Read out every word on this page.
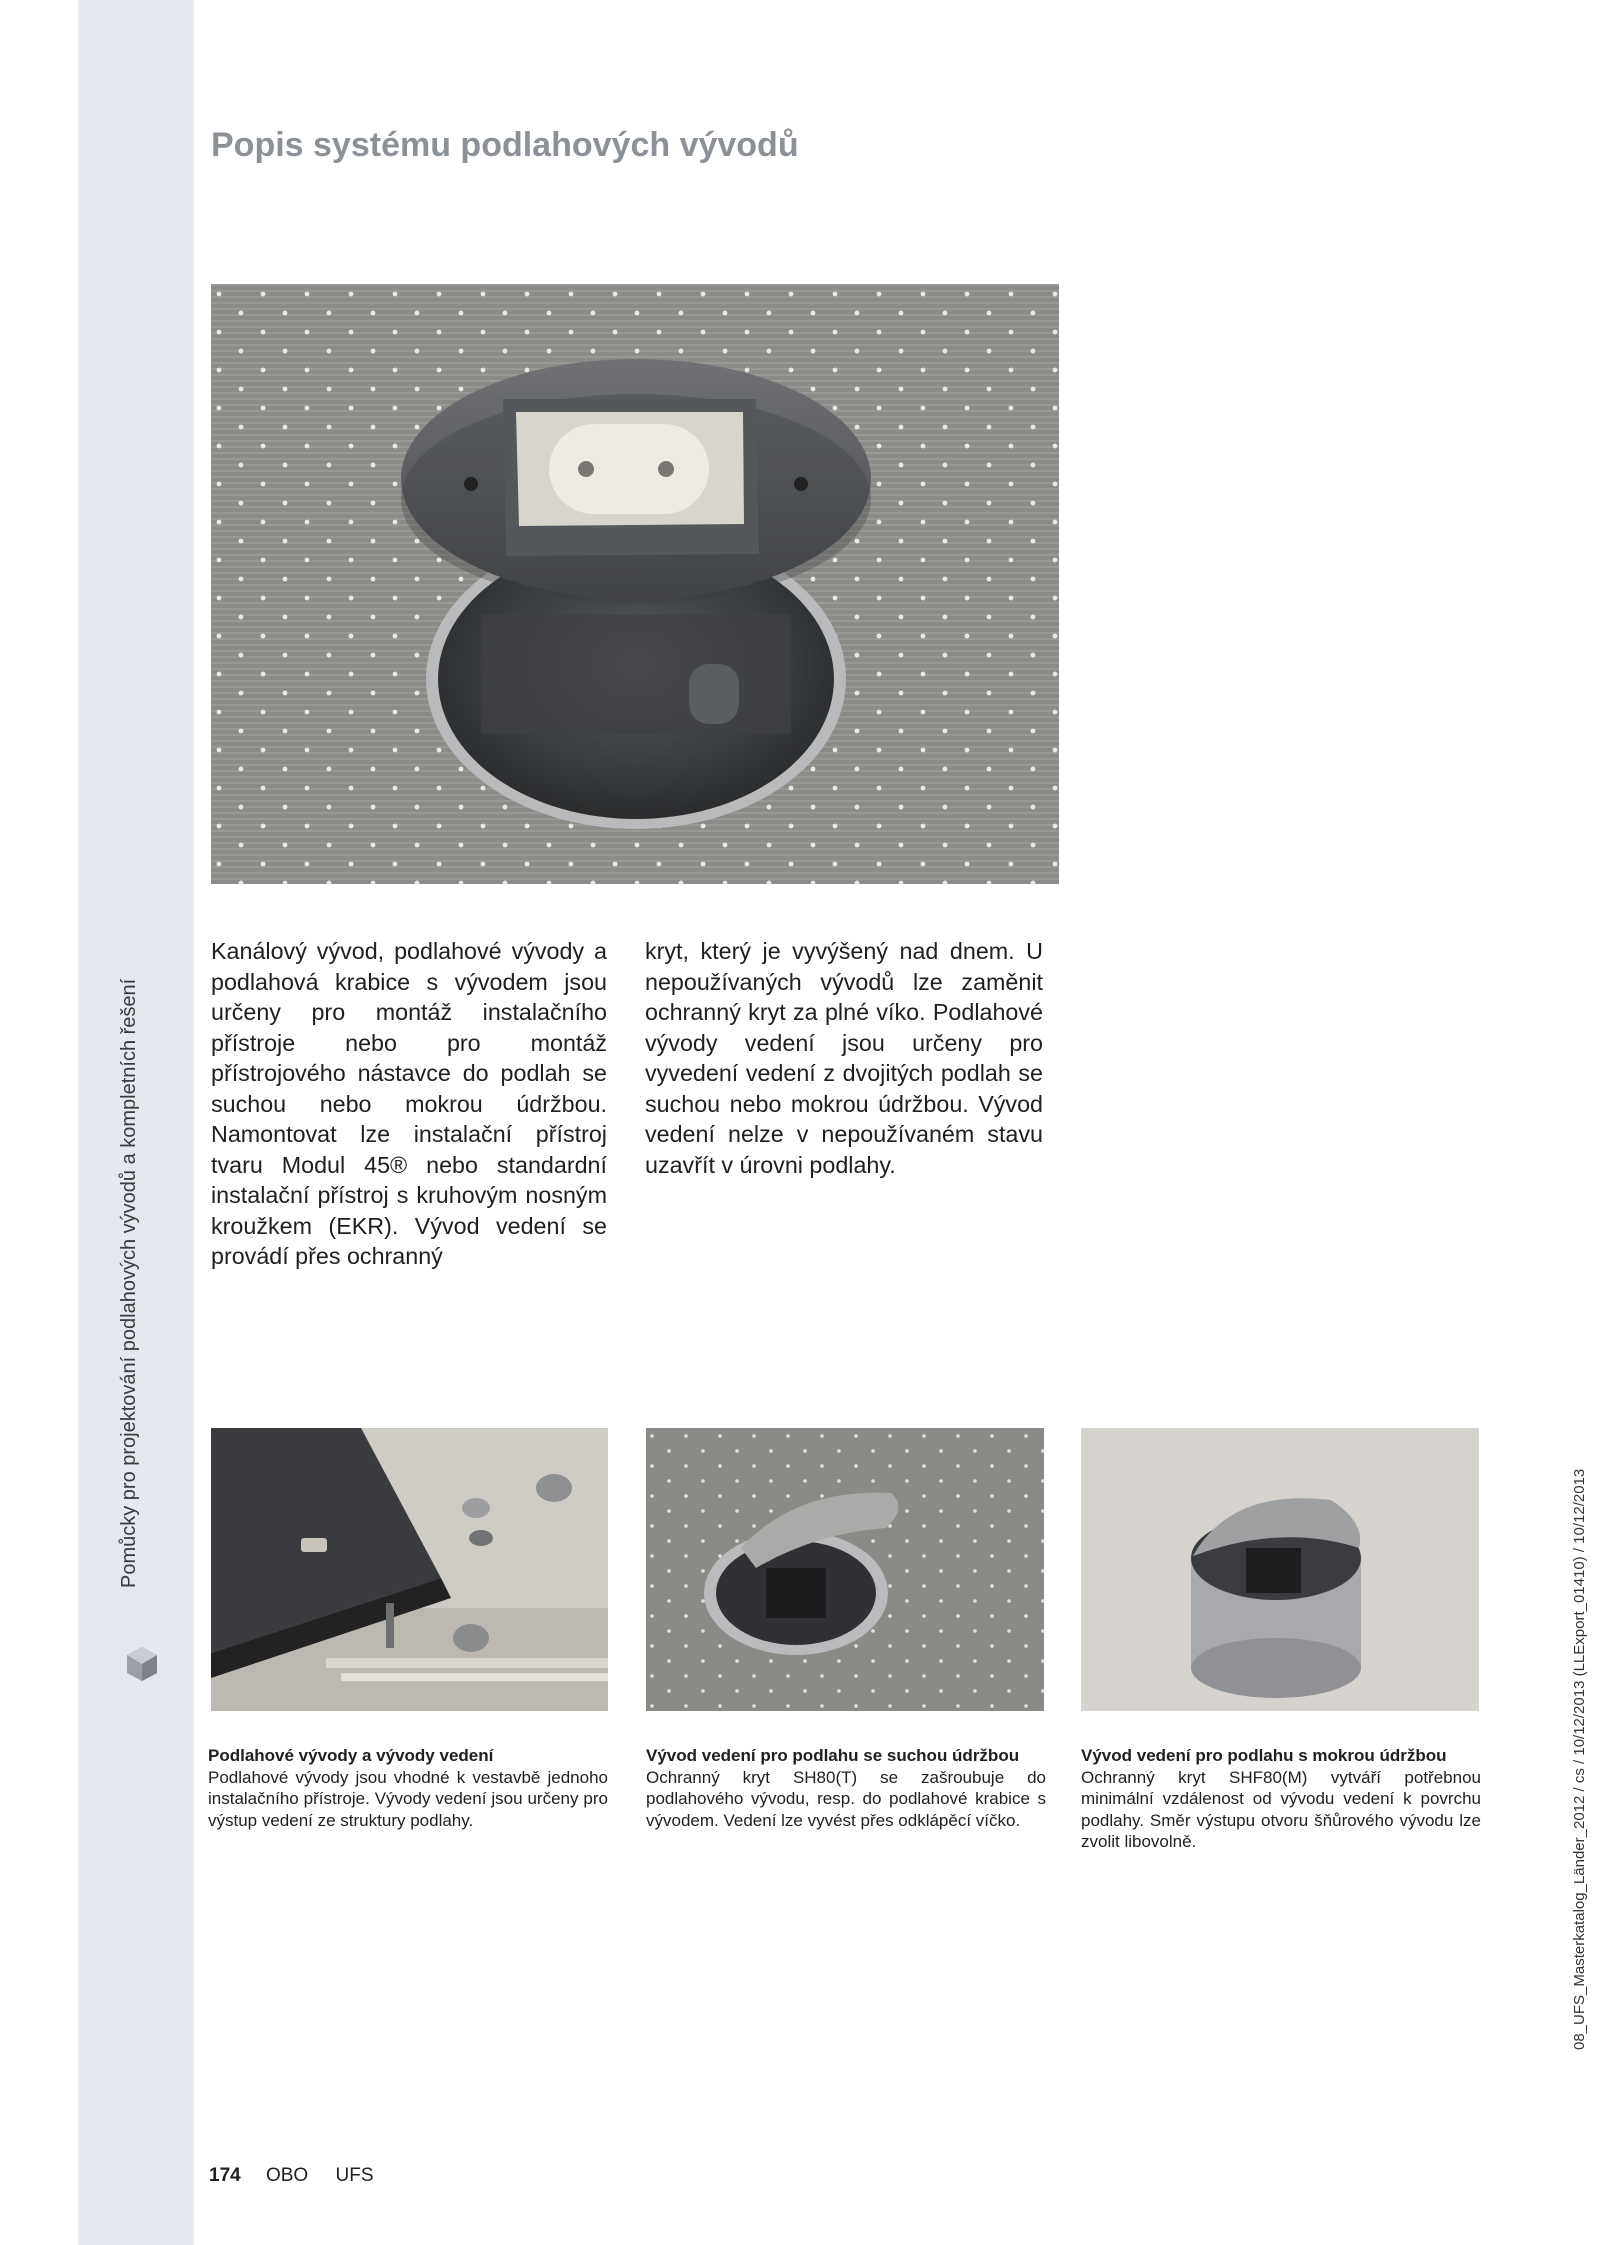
Pomůcky pro projektování podlahových vývodů a kompletních řešení
08_UFS_Masterkatalog_Länder_2012 / cs / 10/12/2013 (LLExport_01410) / 10/12/2013
Popis systému podlahových vývodů

Kanálový vývod, podlahové vývody a podlahová krabice s vývodem jsou určeny pro montáž instalačního přístroje nebo pro montáž přístrojového nástavce do podlah se suchou nebo mokrou údržbou. Namontovat lze instalační přístroj tvaru Modul 45® nebo standardní instalační přístroj s kruhovým nosným kroužkem (EKR). Vývod vedení se provádí přes ochranný

kryt, který je vyvýšený nad dnem. U nepoužívaných vývodů lze zaměnit ochranný kryt za plné víko. Podlahové vývody vedení jsou určeny pro vyvedení vedení z dvojitých podlah se suchou nebo mokrou údržbou. Vývod vedení nelze v nepoužívaném stavu uzavřít v úrovni podlahy.

Podlahové vývody a vývody vedení
Podlahové vývody jsou vhodné k vestavbě jednoho instalačního přístroje. Vývody vedení jsou určeny pro výstup vedení ze struktury podlahy.
Vývod vedení pro podlahu se suchou údržbou
Ochranný kryt SH80(T) se zašroubuje do podlahového vývodu, resp. do podlahové krabice s vývodem. Vedení lze vyvést přes odklápěcí víčko.
Vývod vedení pro podlahu s mokrou údržbou
Ochranný kryt SHF80(M) vytváří potřebnou minimální vzdálenost od vývodu vedení k povrchu podlahy. Směr výstupu otvoru šňůrového vývodu lze zvolit libovolně.
174 OBO UFS
